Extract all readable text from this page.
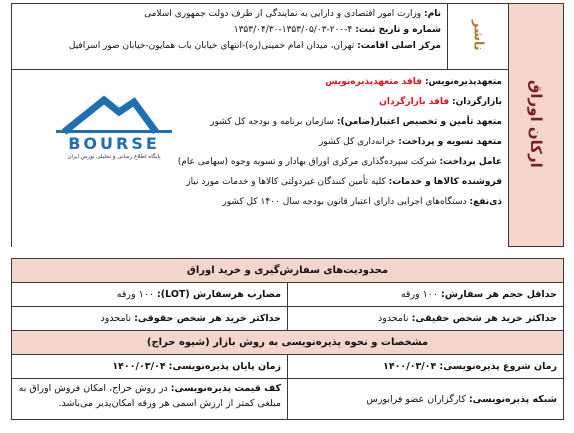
ارکان اوراق	ناشر	
نام: وزارت امور اقتصادی و دارایی به نمایندگی از طرف دولت جمهوری اسلامی
شماره و تاریخ ثبت: ۴-۲۰۰-۱۳۵۳/۰۵/۰۳-۱۳۵۳/۰۴/۳۰
مرکز اصلی اقامت: تهران، میدان امام خمینی(ره)-انتهای خیابان باب همایون-خیابان صور اسرافیل

متعهدپذیره‌نویس: فاقد متعهدپذیره‌نویس
بازارگردان: فاقد بازارگردان
متعهد تأمین و تخصیص اعتبار(ضامن): سازمان برنامه و بودجه کل کشور
متعهد تسویه و پرداخت: خزانه‌داری کل کشور
عامل پرداخت: شرکت سپرده‌گذاری مرکزی اوراق بهادار و تسویه وجوه (سهامی عام)
فروشنده کالاها و خدمات: کلیه تأمین کنندگان غیردولتی کالاها و خدمات مورد نیاز
ذی‌نفع: دستگاه‌های اجرایی دارای اعتبار قانون بودجه سال ۱۴۰۰ کل کشور
BOURSE
پایگاه اطلاع رسانی و تحلیلی بورس ایران
محدودیت‌های سفارش‌گیری و خرید اوراق	
حداقل حجم هر سفارش: ۱۰۰ ورقه	مضارب هرسفارش (LOT): ۱۰۰ ورقه
حداکثر خرید هر شخص حقیقی: نامحدود	حداکثر خرید هر شخص حقوقی: نامحدود
مشخصات و نحوه پذیره‌نویسی به روش بازار (شیوه حراج)	
زمان شروع پذیره‌نویسی: ۱۴۰۰/۰۳/۰۴	زمان پایان پذیره‌نویسی: ۱۴۰۰/۰۳/۰۴
شبکه پذیره‌نویسی: کارگزاران عضو فرابورس	کف قیمت پذیره‌نویسی: در روش حراج، امکان فروش اوراق به مبلغی کمتر از ارزش اسمی هر ورقه امکان‌پذیر می‌باشد.
